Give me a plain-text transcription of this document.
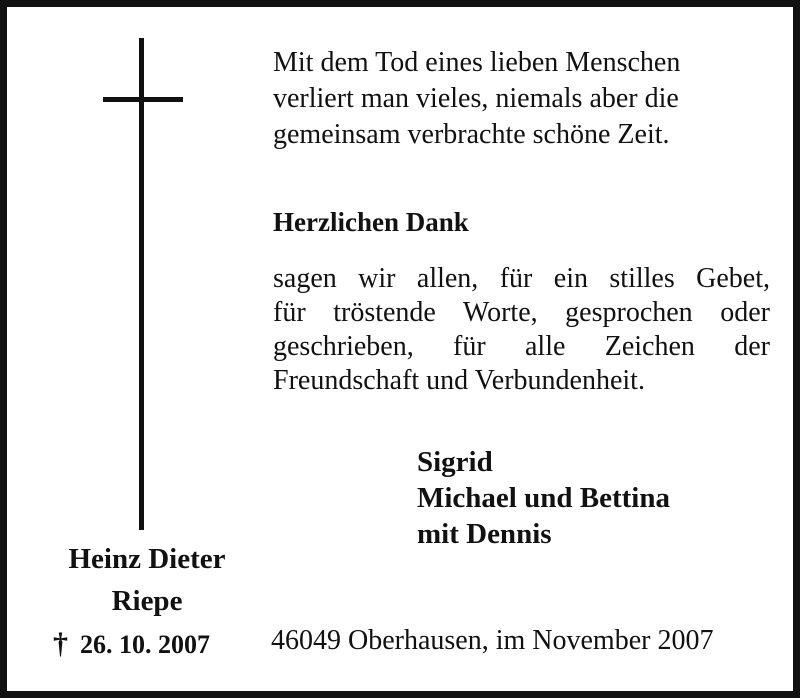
Mit dem Tod eines lieben Menschen
verliert man vieles, niemals aber die
gemeinsam verbrachte schöne Zeit.
Herzlichen Dank
sagen wir allen, für ein stilles Gebet,
für tröstende Worte, gesprochen oder
geschrieben, für alle Zeichen der
Freundschaft und Verbundenheit.
Sigrid
Michael und Bettina
mit Dennis
Heinz Dieter
Riepe
† 26. 10. 2007 46049 Oberhausen, im November 2007
